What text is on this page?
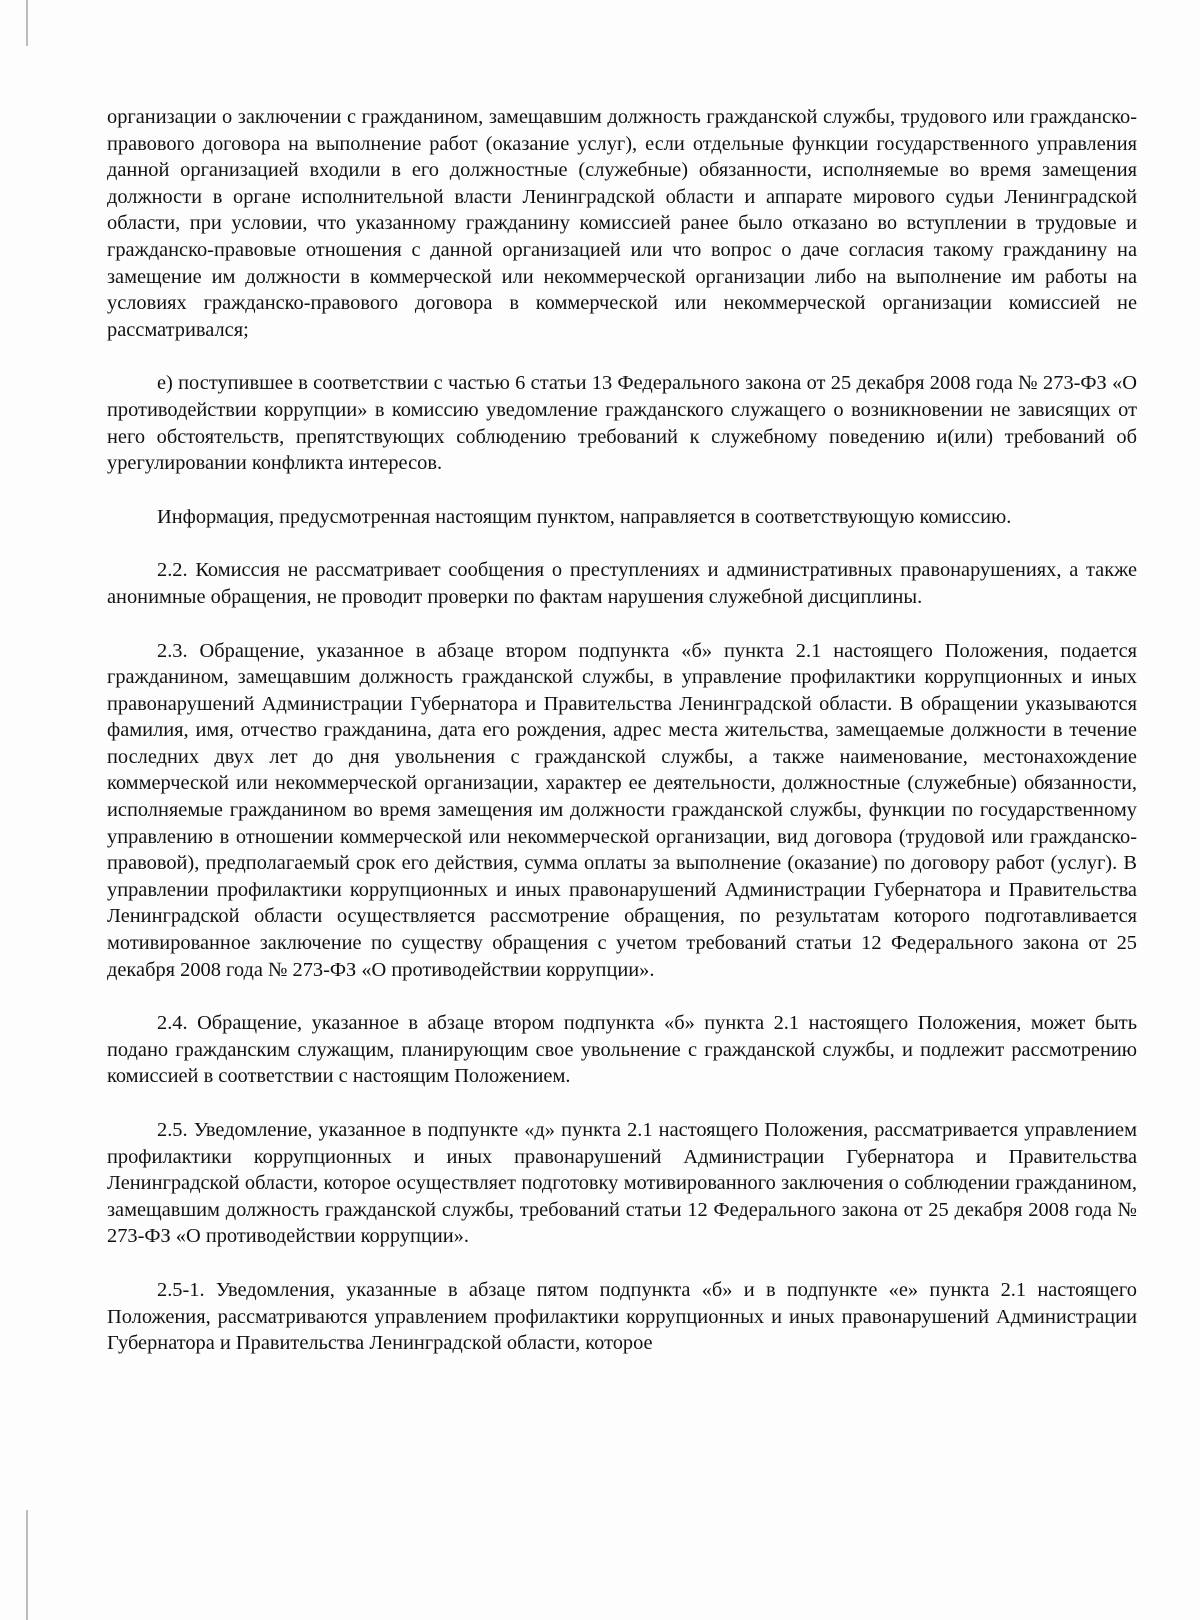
организации о заключении с гражданином, замещавшим должность гражданской службы, трудового или гражданско-правового договора на выполнение работ (оказание услуг), если отдельные функции государственного управления данной организацией входили в его должностные (служебные) обязанности, исполняемые во время замещения должности в органе исполнительной власти Ленинградской области и аппарате мирового судьи Ленинградской области, при условии, что указанному гражданину комиссией ранее было отказано во вступлении в трудовые и гражданско-правовые отношения с данной организацией или что вопрос о даче согласия такому гражданину на замещение им должности в коммерческой или некоммерческой организации либо на выполнение им работы на условиях гражданско-правового договора в коммерческой или некоммерческой организации комиссией не рассматривался;

е) поступившее в соответствии с частью 6 статьи 13 Федерального закона от 25 декабря 2008 года № 273-ФЗ «О противодействии коррупции» в комиссию уведомление гражданского служащего о возникновении не зависящих от него обстоятельств, препятствующих соблюдению требований к служебному поведению и(или) требований об урегулировании конфликта интересов.

Информация, предусмотренная настоящим пунктом, направляется в соответствующую комиссию.

2.2. Комиссия не рассматривает сообщения о преступлениях и административных правонарушениях, а также анонимные обращения, не проводит проверки по фактам нарушения служебной дисциплины.

2.3. Обращение, указанное в абзаце втором подпункта «б» пункта 2.1 настоящего Положения, подается гражданином, замещавшим должность гражданской службы, в управление профилактики коррупционных и иных правонарушений Администрации Губернатора и Правительства Ленинградской области. В обращении указываются фамилия, имя, отчество гражданина, дата его рождения, адрес места жительства, замещаемые должности в течение последних двух лет до дня увольнения с гражданской службы, а также наименование, местонахождение коммерческой или некоммерческой организации, характер ее деятельности, должностные (служебные) обязанности, исполняемые гражданином во время замещения им должности гражданской службы, функции по государственному управлению в отношении коммерческой или некоммерческой организации, вид договора (трудовой или гражданско-правовой), предполагаемый срок его действия, сумма оплаты за выполнение (оказание) по договору работ (услуг). В управлении профилактики коррупционных и иных правонарушений Администрации Губернатора и Правительства Ленинградской области осуществляется рассмотрение обращения, по результатам которого подготавливается мотивированное заключение по существу обращения с учетом требований статьи 12 Федерального закона от 25 декабря 2008 года № 273-ФЗ «О противодействии коррупции».

2.4. Обращение, указанное в абзаце втором подпункта «б» пункта 2.1 настоящего Положения, может быть подано гражданским служащим, планирующим свое увольнение с гражданской службы, и подлежит рассмотрению комиссией в соответствии с настоящим Положением.

2.5. Уведомление, указанное в подпункте «д» пункта 2.1 настоящего Положения, рассматривается управлением профилактики коррупционных и иных правонарушений Администрации Губернатора и Правительства Ленинградской области, которое осуществляет подготовку мотивированного заключения о соблюдении гражданином, замещавшим должность гражданской службы, требований статьи 12 Федерального закона от 25 декабря 2008 года № 273-ФЗ «О противодействии коррупции».

2.5-1. Уведомления, указанные в абзаце пятом подпункта «б» и в подпункте «е» пункта 2.1 настоящего Положения, рассматриваются управлением профилактики коррупционных и иных правонарушений Администрации Губернатора и Правительства Ленинградской области, которое
